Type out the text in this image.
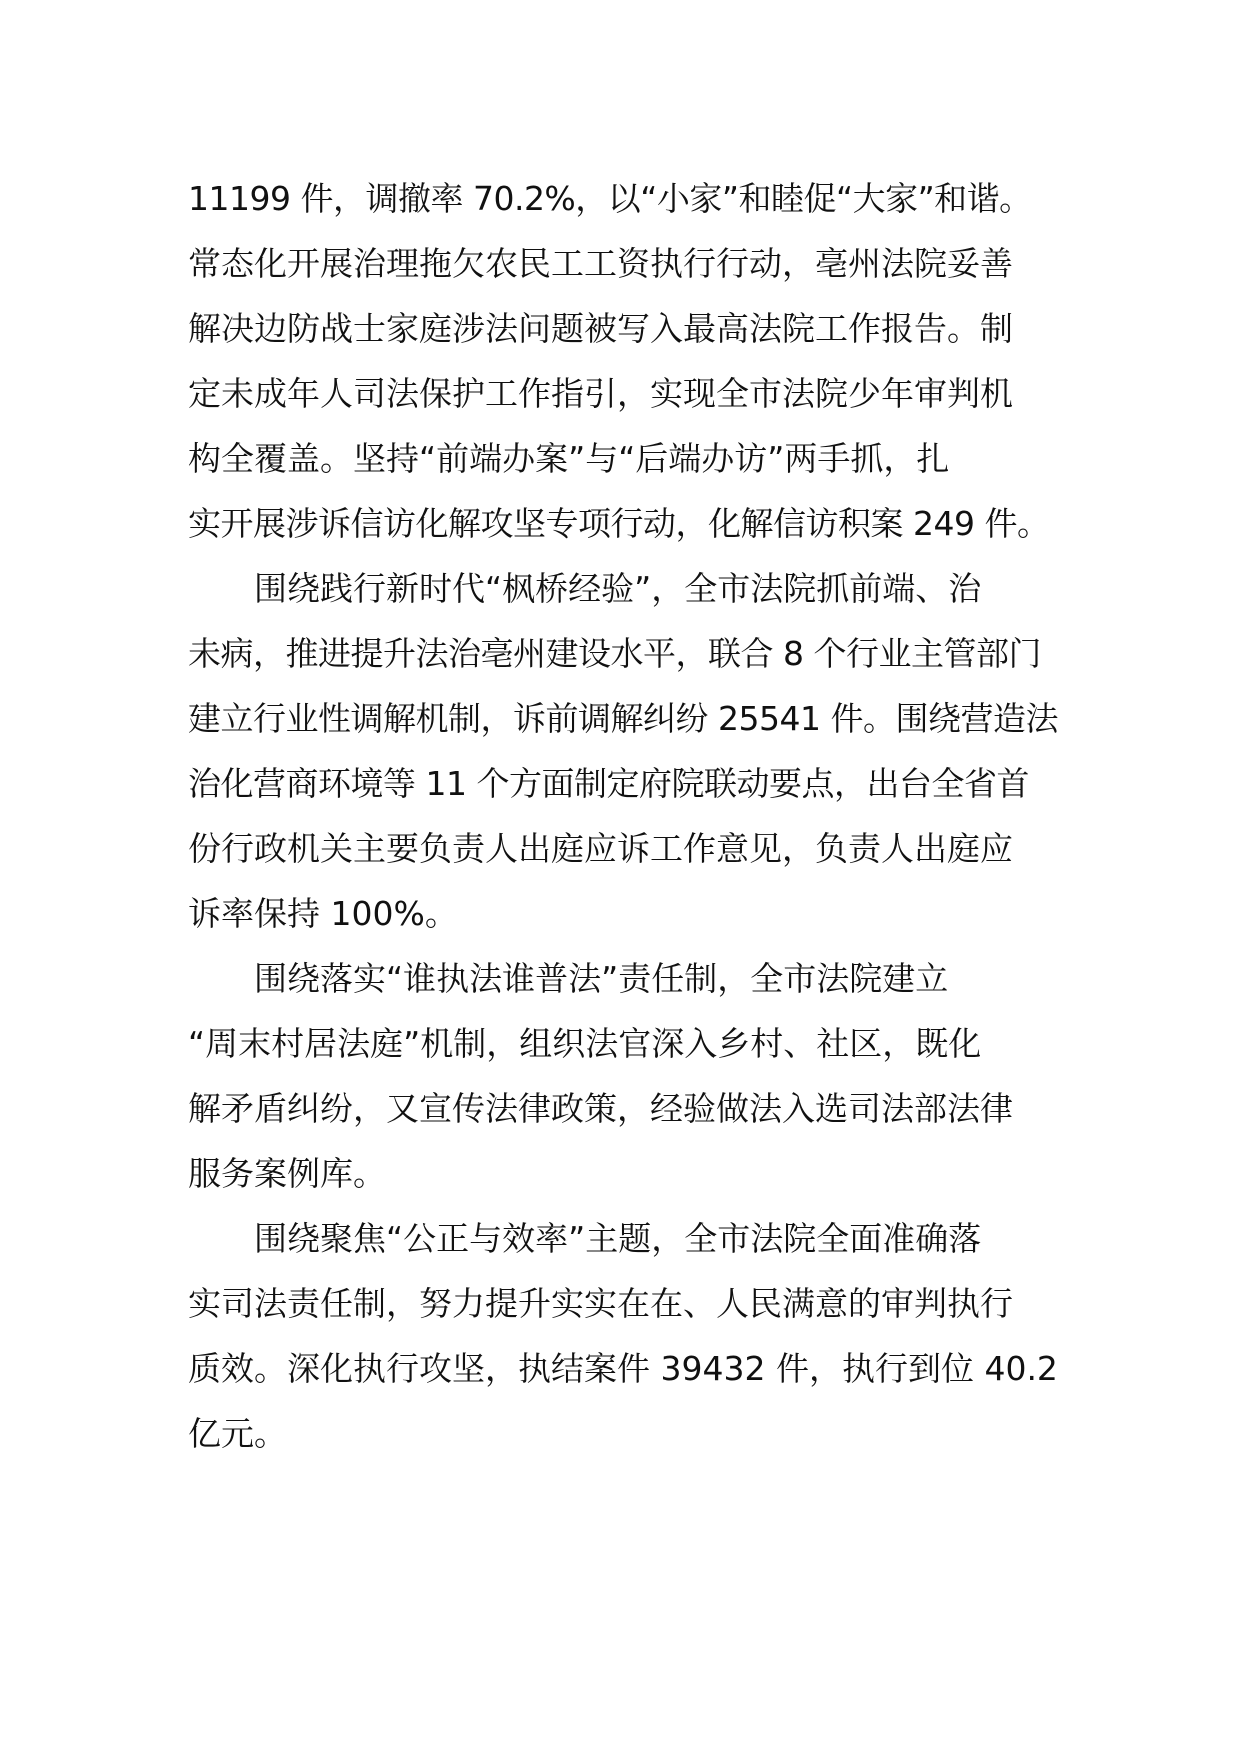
11199 件，调撤率 70.2%，以“小家”和睦促“大家”和谐。
常态化开展治理拖欠农民工工资执行行动，亳州法院妥善
解决边防战士家庭涉法问题被写入最高法院工作报告。制
定未成年人司法保护工作指引，实现全市法院少年审判机
构全覆盖。坚持“前端办案”与“后端办访”两手抓，扎
实开展涉诉信访化解攻坚专项行动，化解信访积案 249 件。
围绕践行新时代“枫桥经验”，全市法院抓前端、治
未病，推进提升法治亳州建设水平，联合 8 个行业主管部门
建立行业性调解机制，诉前调解纠纷 25541 件。围绕营造法
治化营商环境等 11 个方面制定府院联动要点，出台全省首
份行政机关主要负责人出庭应诉工作意见，负责人出庭应
诉率保持 100%。
围绕落实“谁执法谁普法”责任制，全市法院建立
“周末村居法庭”机制，组织法官深入乡村、社区，既化
解矛盾纠纷，又宣传法律政策，经验做法入选司法部法律
服务案例库。
围绕聚焦“公正与效率”主题，全市法院全面准确落
实司法责任制，努力提升实实在在、人民满意的审判执行
质效。深化执行攻坚，执结案件 39432 件，执行到位 40.2
亿元。
